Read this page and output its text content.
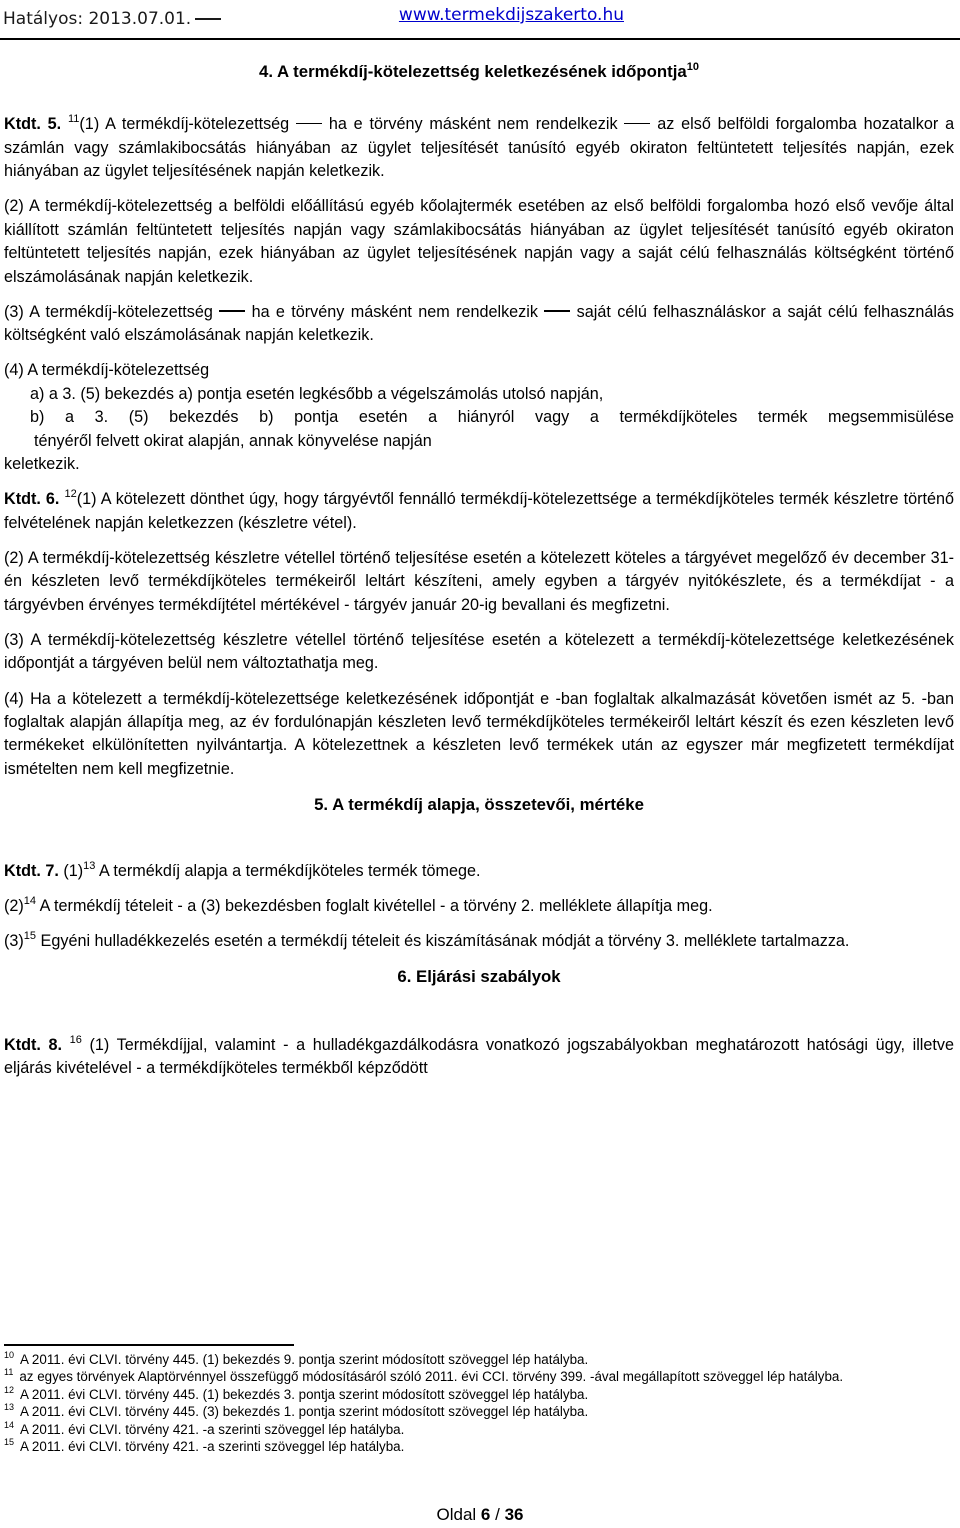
Hatályos: 2013.07.01.	www.termekdijszakerto.hu
4. A termékdíj-kötelezettség keletkezésének időpontja$^{10}$

Ktdt. 5. $^{11}$(1) A termékdíj-kötelezettség ha e törvény másként nem rendelkezik az első belföldi forgalomba hozatalkor a számlán vagy számlakibocsátás hiányában az ügylet teljesítését tanúsító egyéb okiraton feltüntetett teljesítés napján, ezek hiányában az ügylet teljesítésének napján keletkezik.

(2) A termékdíj-kötelezettség a belföldi előállítású egyéb kőolajtermék esetében az első belföldi forgalomba hozó első vevője által kiállított számlán feltüntetett teljesítés napján vagy számlakibocsátás hiányában az ügylet teljesítését tanúsító egyéb okiraton feltüntetett teljesítés napján, ezek hiányában az ügylet teljesítésének napján vagy a saját célú felhasználás költségként történő elszámolásának napján keletkezik.

(3) A termékdíj-kötelezettség ha e törvény másként nem rendelkezik saját célú felhasználáskor a saját célú felhasználás költségként való elszámolásának napján keletkezik.

(4) A termékdíj-kötelezettség

a) a 3. (5) bekezdés a) pontja esetén legkésőbb a végelszámolás utolsó napján,

b) a 3. (5) bekezdés b) pontja esetén a hiányról vagy a termékdíjköteles termék megsemmisülése

tényéről felvett okirat alapján, annak könyvelése napján

keletkezik.

Ktdt. 6. $^{12}$(1) A kötelezett dönthet úgy, hogy tárgyévtől fennálló termékdíj-kötelezettsége a termékdíjköteles termék készletre történő felvételének napján keletkezzen (készletre vétel).

(2) A termékdíj-kötelezettség készletre vétellel történő teljesítése esetén a kötelezett köteles a tárgyévet megelőző év december 31-én készleten levő termékdíjköteles termékeiről leltárt készíteni, amely egyben a tárgyév nyitókészlete, és a termékdíjat - a tárgyévben érvényes termékdíjtétel mértékével - tárgyév január 20-ig bevallani és megfizetni.

(3) A termékdíj-kötelezettség készletre vétellel történő teljesítése esetén a kötelezett a termékdíj-kötelezettsége keletkezésének időpontját a tárgyéven belül nem változtathatja meg.

(4) Ha a kötelezett a termékdíj-kötelezettsége keletkezésének időpontját e -ban foglaltak alkalmazását követően ismét az 5. -ban foglaltak alapján állapítja meg, az év fordulónapján készleten levő termékdíjköteles termékeiről leltárt készít és ezen készleten levő termékeket elkülönítetten nyilvántartja. A kötelezettnek a készleten levő termékek után az egyszer már megfizetett termékdíjat ismételten nem kell megfizetnie.

5. A termékdíj alapja, összetevői, mértéke

Ktdt. 7. $(1)^{13}$ A termékdíj alapja a termékdíjköteles termék tömege.

$(2)^{14}$ A termékdíj tételeit - a (3) bekezdésben foglalt kivétellel - a törvény 2. melléklete állapítja meg.

$(3)^{15}$ Egyéni hulladékkezelés esetén a termékdíj tételeit és kiszámításának módját a törvény 3. melléklete tartalmazza.

6. Eljárási szabályok

Ktdt. 8. $^{16}$ (1) Termékdíjjal, valamint - a hulladékgazdálkodásra vonatkozó jogszabályokban meghatározott hatósági ügy, illetve eljárás kivételével - a termékdíjköteles termékből képződött

$^{10}$ A 2011. évi CLVI. törvény 445. (1) bekezdés 9. pontja szerint módosított szöveggel lép hatályba.
$^{11}$ az egyes törvények Alaptörvénnyel összefüggő módosításáról szóló 2011. évi CCI. törvény 399. -ával megállapított szöveggel lép hatályba.
$^{12}$ A 2011. évi CLVI. törvény 445. (1) bekezdés 3. pontja szerint módosított szöveggel lép hatályba.
$^{13}$ A 2011. évi CLVI. törvény 445. (3) bekezdés 1. pontja szerint módosított szöveggel lép hatályba.
$^{14}$ A 2011. évi CLVI. törvény 421. -a szerinti szöveggel lép hatályba.
$^{15}$ A 2011. évi CLVI. törvény 421. -a szerinti szöveggel lép hatályba.
Oldal 6 / 36
